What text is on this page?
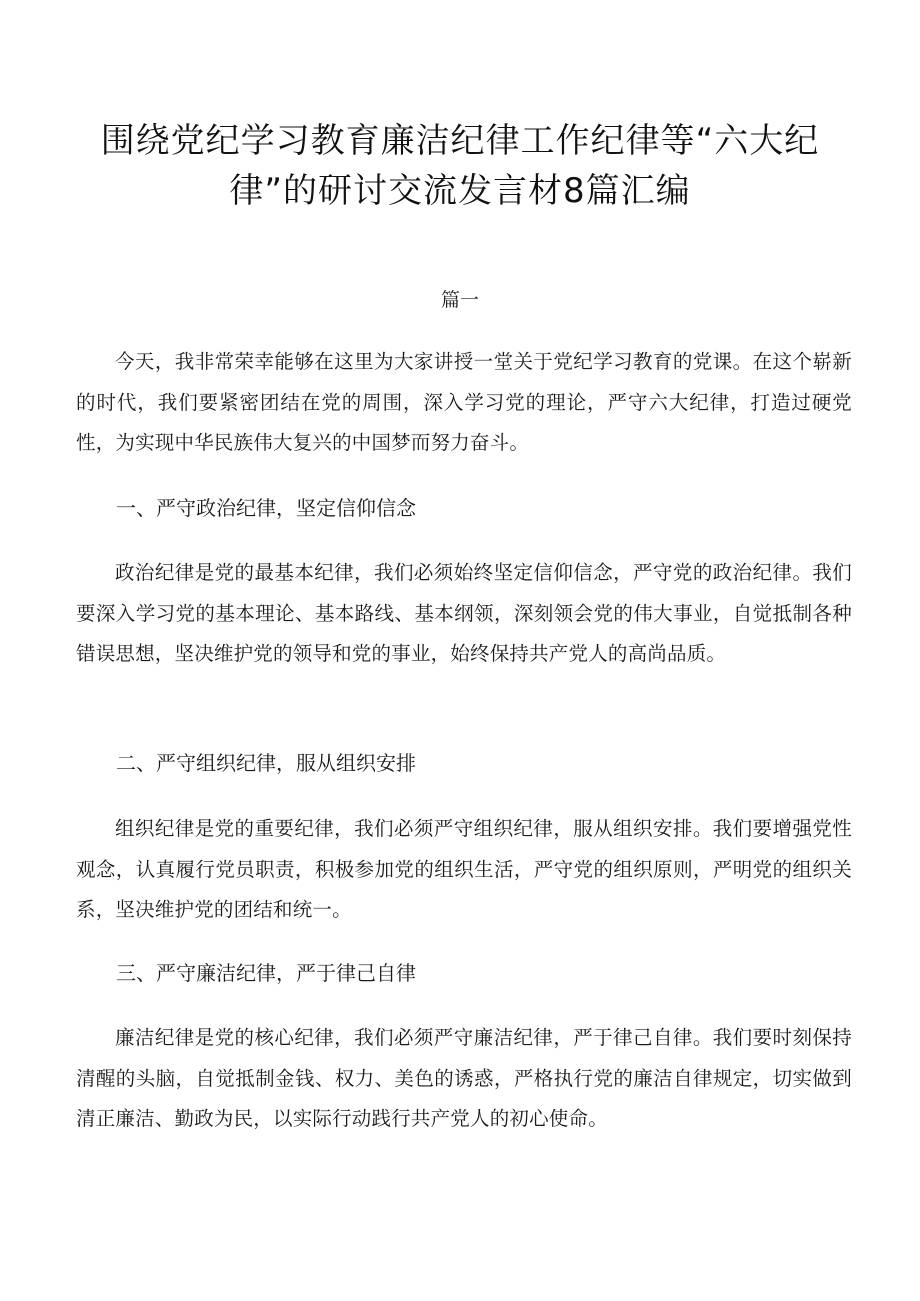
围绕党纪学习教育廉洁纪律工作纪律等“六大纪律”的研讨交流发言材8篇汇编

篇一

今天，我非常荣幸能够在这里为大家讲授一堂关于党纪学习教育的党课。在这个崭新的时代，我们要紧密团结在党的周围，深入学习党的理论，严守六大纪律，打造过硬党性，为实现中华民族伟大复兴的中国梦而努力奋斗。

一、严守政治纪律，坚定信仰信念

政治纪律是党的最基本纪律，我们必须始终坚定信仰信念，严守党的政治纪律。我们要深入学习党的基本理论、基本路线、基本纲领，深刻领会党的伟大事业，自觉抵制各种错误思想，坚决维护党的领导和党的事业，始终保持共产党人的高尚品质。

二、严守组织纪律，服从组织安排

组织纪律是党的重要纪律，我们必须严守组织纪律，服从组织安排。我们要增强党性观念，认真履行党员职责，积极参加党的组织生活，严守党的组织原则，严明党的组织关系，坚决维护党的团结和统一。

三、严守廉洁纪律，严于律己自律

廉洁纪律是党的核心纪律，我们必须严守廉洁纪律，严于律己自律。我们要时刻保持清醒的头脑，自觉抵制金钱、权力、美色的诱惑，严格执行党的廉洁自律规定，切实做到清正廉洁、勤政为民，以实际行动践行共产党人的初心使命。
